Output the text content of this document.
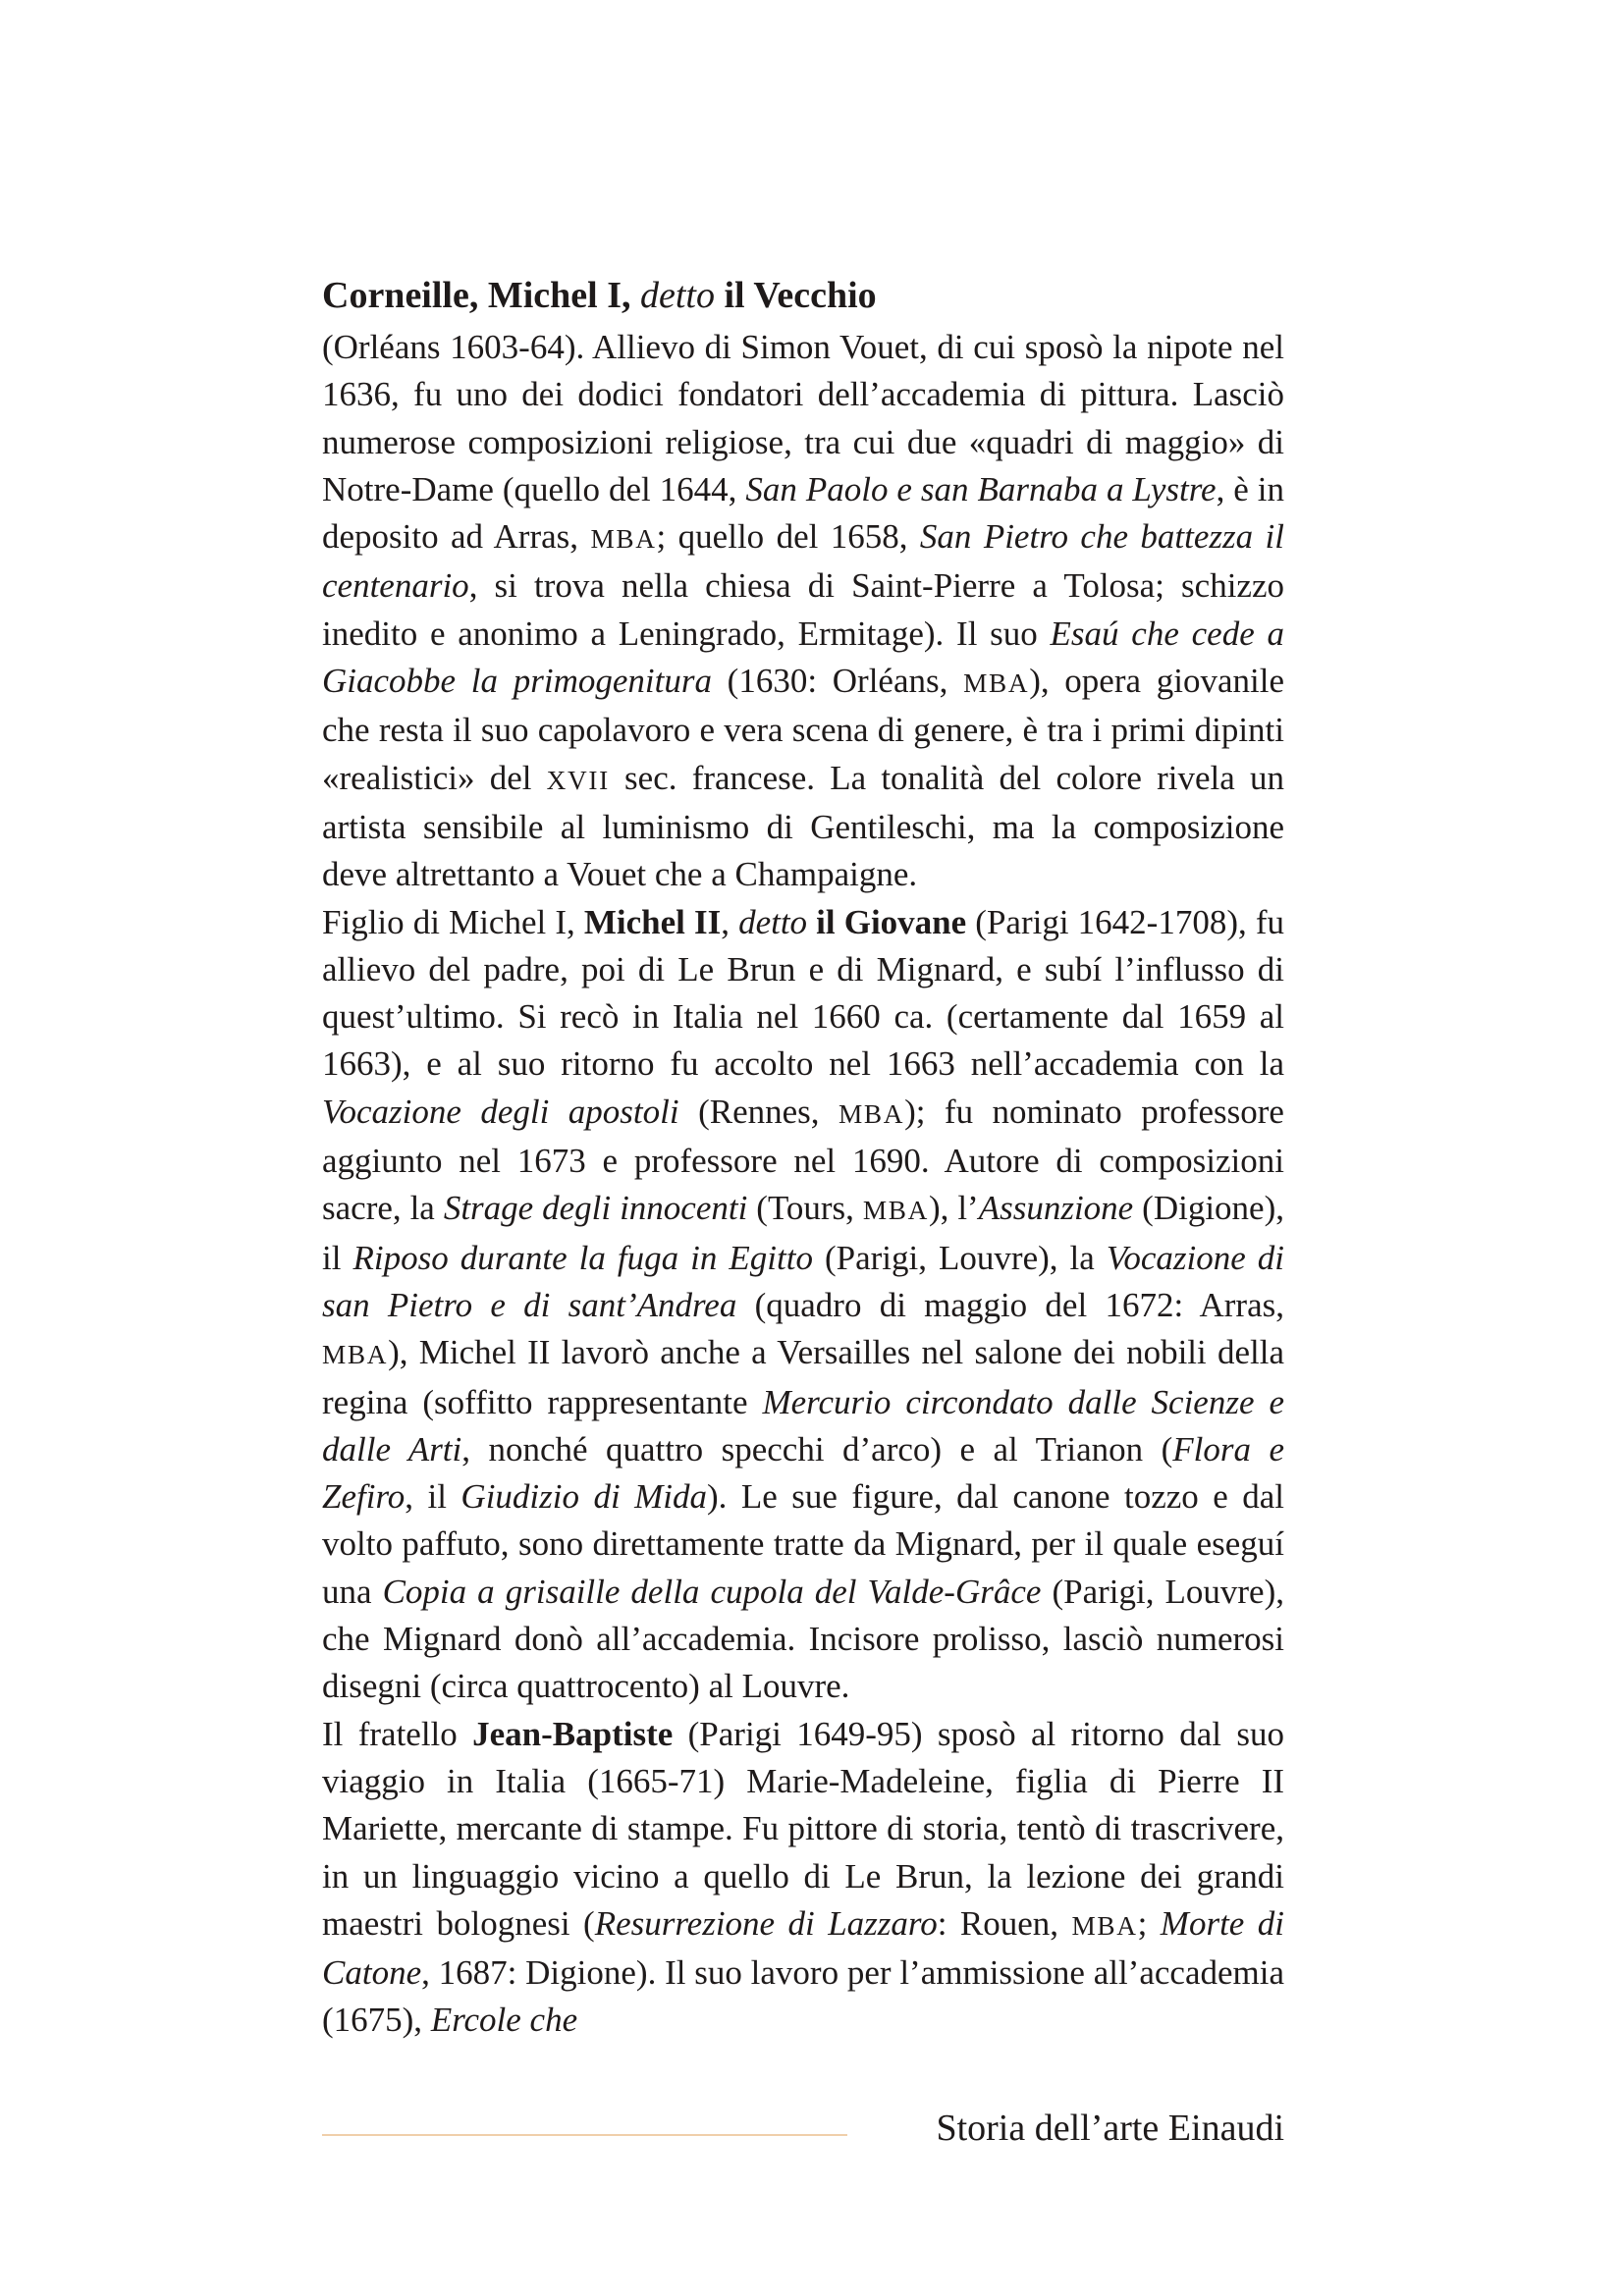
Corneille, Michel I, detto il Vecchio

(Orléans 1603-64). Allievo di Simon Vouet, di cui sposò la nipote nel 1636, fu uno dei dodici fondatori dell’accademia di pittura. Lasciò numerose composizioni religiose, tra cui due «quadri di maggio» di Notre-Dame (quello del 1644, San Paolo e san Barnaba a Lystre, è in deposito ad Arras, MBA; quello del 1658, San Pietro che battezza il centenario, si trova nella chiesa di Saint-Pierre a Tolosa; schizzo inedito e anonimo a Leningrado, Ermitage). Il suo Esaú che cede a Giacobbe la primogenitura (1630: Orléans, MBA), opera giovanile che resta il suo capolavoro e vera scena di genere, è tra i primi dipinti «realistici» del XVII sec. francese. La tonalità del colore rivela un artista sensibile al luminismo di Gentileschi, ma la composizione deve altrettanto a Vouet che a Champaigne.

Figlio di Michel I, Michel II, detto il Giovane (Parigi 1642-1708), fu allievo del padre, poi di Le Brun e di Mignard, e subí l’influsso di quest’ultimo. Si recò in Italia nel 1660 ca. (certamente dal 1659 al 1663), e al suo ritorno fu accolto nel 1663 nell’accademia con la Vocazione degli apostoli (Rennes, MBA); fu nominato professore aggiunto nel 1673 e professore nel 1690. Autore di composizioni sacre, la Strage degli innocenti (Tours, MBA), l’Assunzione (Digione), il Riposo durante la fuga in Egitto (Parigi, Louvre), la Vocazione di san Pietro e di sant’Andrea (quadro di maggio del 1672: Arras, MBA), Michel II lavorò anche a Versailles nel salone dei nobili della regina (soffitto rappresentante Mercurio circondato dalle Scienze e dalle Arti, nonché quattro specchi d’arco) e al Trianon (Flora e Zefiro, il Giudizio di Mida). Le sue figure, dal canone tozzo e dal volto paffuto, sono direttamente tratte da Mignard, per il quale eseguí una Copia a grisaille della cupola del Valde-Grâce (Parigi, Louvre), che Mignard donò all’accademia. Incisore prolisso, lasciò numerosi disegni (circa quattrocento) al Louvre.

Il fratello Jean-Baptiste (Parigi 1649-95) sposò al ritorno dal suo viaggio in Italia (1665-71) Marie-Madeleine, figlia di Pierre II Mariette, mercante di stampe. Fu pittore di storia, tentò di trascrivere, in un linguaggio vicino a quello di Le Brun, la lezione dei grandi maestri bolognesi (Resurrezione di Lazzaro: Rouen, MBA; Morte di Catone, 1687: Digione). Il suo lavoro per l’ammissione all’accademia (1675), Ercole che

Storia dell’arte Einaudi
